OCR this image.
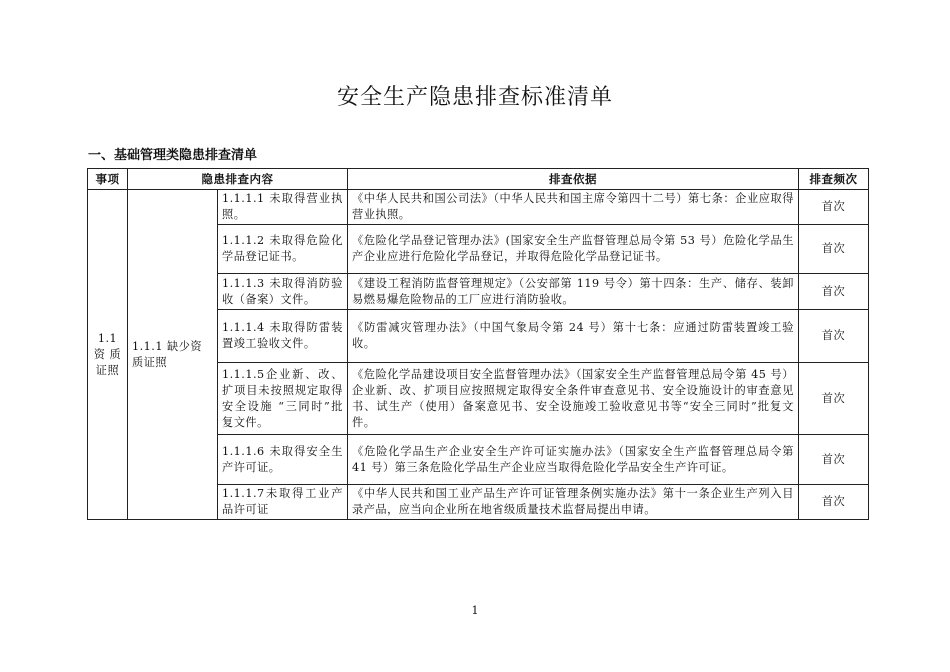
安全生产隐患排查标准清单
一、基础管理类隐患排查清单
事项	隐患排查内容		排查依据	排查频次
1.1 资 质 证照	1.1.1 缺少资质证照	1.1.1.1 未取得营业执照。	《中华人民共和国公司法》（中华人民共和国主席令第四十二号）第七条：企业应取得营业执照。	首次
		1.1.1.2 未取得危险化学品登记证书。	《危险化学品登记管理办法》(国家安全生产监督管理总局令第 53 号）危险化学品生产企业应进行危险化学品登记，并取得危险化学品登记证书。	首次
		1.1.1.3 未取得消防验收（备案）文件。	《建设工程消防监督管理规定》（公安部第 119 号令）第十四条：生产、储存、装卸易燃易爆危险物品的工厂应进行消防验收。	首次
		1.1.1.4 未取得防雷装置竣工验收文件。	《防雷减灾管理办法》（中国气象局令第 24 号）第十七条：应通过防雷装置竣工验收。	首次
		1.1.1.5企业新、改、扩项目未按照规定取得安全设施 “三同时”批复文件。	《危险化学品建设项目安全监督管理办法》（国家安全生产监督管理总局令第 45 号）企业新、改、扩项目应按照规定取得安全条件审查意见书、安全设施设计的审查意见书、试生产（使用）备案意见书、安全设施竣工验收意见书等“安全三同时”批复文件。	首次
		1.1.1.6 未取得安全生产许可证。	《危险化学品生产企业安全生产许可证实施办法》（国家安全生产监督管理总局令第 41 号）第三条危险化学品生产企业应当取得危险化学品安全生产许可证。	首次
		1.1.1.7未取得工业产品许可证	《中华人民共和国工业产品生产许可证管理条例实施办法》第十一条企业生产列入目录产品，应当向企业所在地省级质量技术监督局提出申请。	首次
1
